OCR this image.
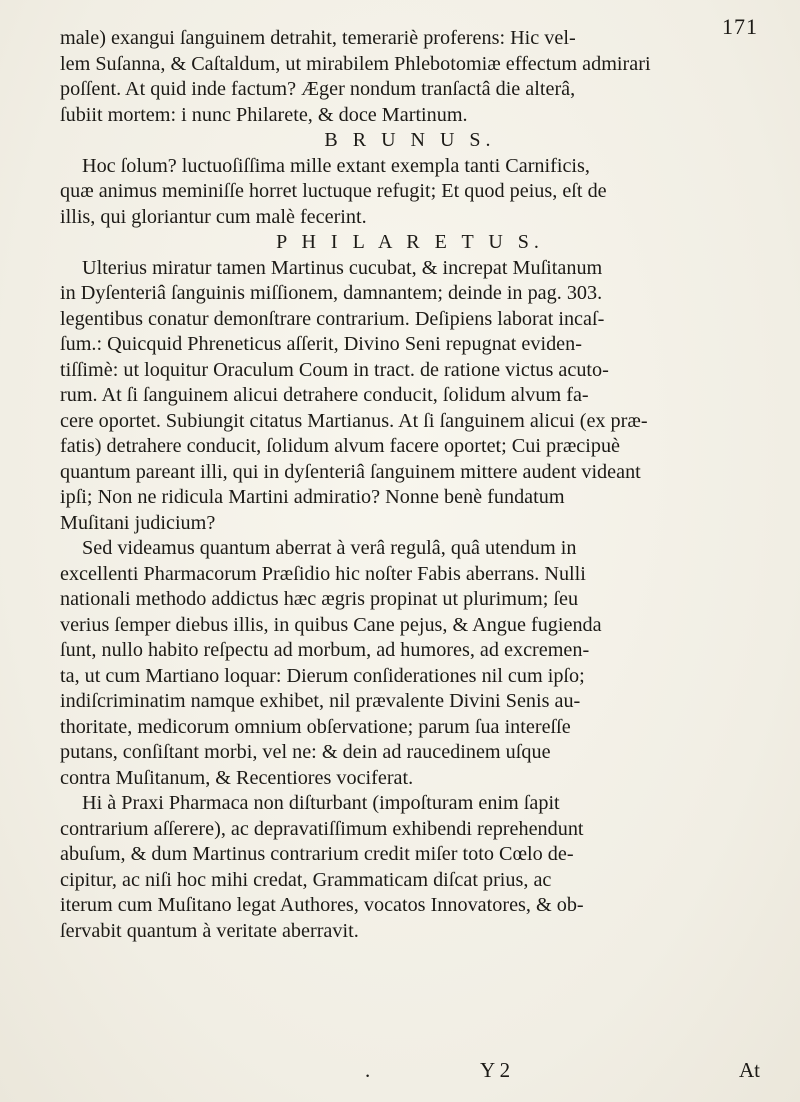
171
male) exangui ſanguinem detrahit, temerariè proferens: Hic vel-
lem Suſanna, & Caſtaldum, ut mirabilem Phlebotomiæ effectum admirari
poſſent. At quid inde factum? Æger nondum tranſactâ die alterâ,
ſubiit mortem: i nunc Philarete, & doce Martinum.
B R U N U S.
Hoc ſolum? luctuoſiſſima mille extant exempla tanti Carnificis,
quæ animus meminiſſe horret luctuque refugit; Et quod peius, eſt de
illis, qui gloriantur cum malè fecerint.
P H I L A R E T U S.
Ulterius miratur tamen Martinus cucubat, & increpat Muſitanum
in Dyſenteriâ ſanguinis miſſionem, damnantem; deinde in pag. 303.
legentibus conatur demonſtrare contrarium. Deſipiens laborat incaſ-
ſum.: Quicquid Phreneticus aſſerit, Divino Seni repugnat eviden-
tiſſimè: ut loquitur Oraculum Coum in tract. de ratione victus acuto-
rum. At ſi ſanguinem alicui detrahere conducit, ſolidum alvum fa-
cere oportet. Subiungit citatus Martianus. At ſi ſanguinem alicui (ex præ-
fatis) detrahere conducit, ſolidum alvum facere oportet; Cui præcipuè
quantum pareant illi, qui in dyſenteriâ ſanguinem mittere audent videant
ipſi; Non ne ridicula Martini admiratio? Nonne benè fundatum
Muſitani judicium?
Sed videamus quantum aberrat à verâ regulâ, quâ utendum in
excellenti Pharmacorum Præſidio hic noſter Fabis aberrans. Nulli
nationali methodo addictus hæc ægris propinat ut plurimum; ſeu
verius ſemper diebus illis, in quibus Cane pejus, & Angue fugienda
ſunt, nullo habito reſpectu ad morbum, ad humores, ad excremen-
ta, ut cum Martiano loquar: Dierum conſiderationes nil cum ipſo;
indiſcriminatim namque exhibet, nil prævalente Divini Senis au-
thoritate, medicorum omnium obſervatione; parum ſua intereſſe
putans, conſiſtant morbi, vel ne: & dein ad raucedinem uſque
contra Muſitanum, & Recentiores vociferat.
Hi à Praxi Pharmaca non diſturbant (impoſturam enim ſapit
contrarium aſſerere), ac depravatiſſimum exhibendi reprehendunt
abuſum, & dum Martinus contrarium credit miſer toto Cœlo de-
cipitur, ac niſi hoc mihi credat, Grammaticam diſcat prius, ac
iterum cum Muſitano legat Authores, vocatos Innovatores, & ob-
ſervabit quantum à veritate aberravit.
.	Y 2	At
